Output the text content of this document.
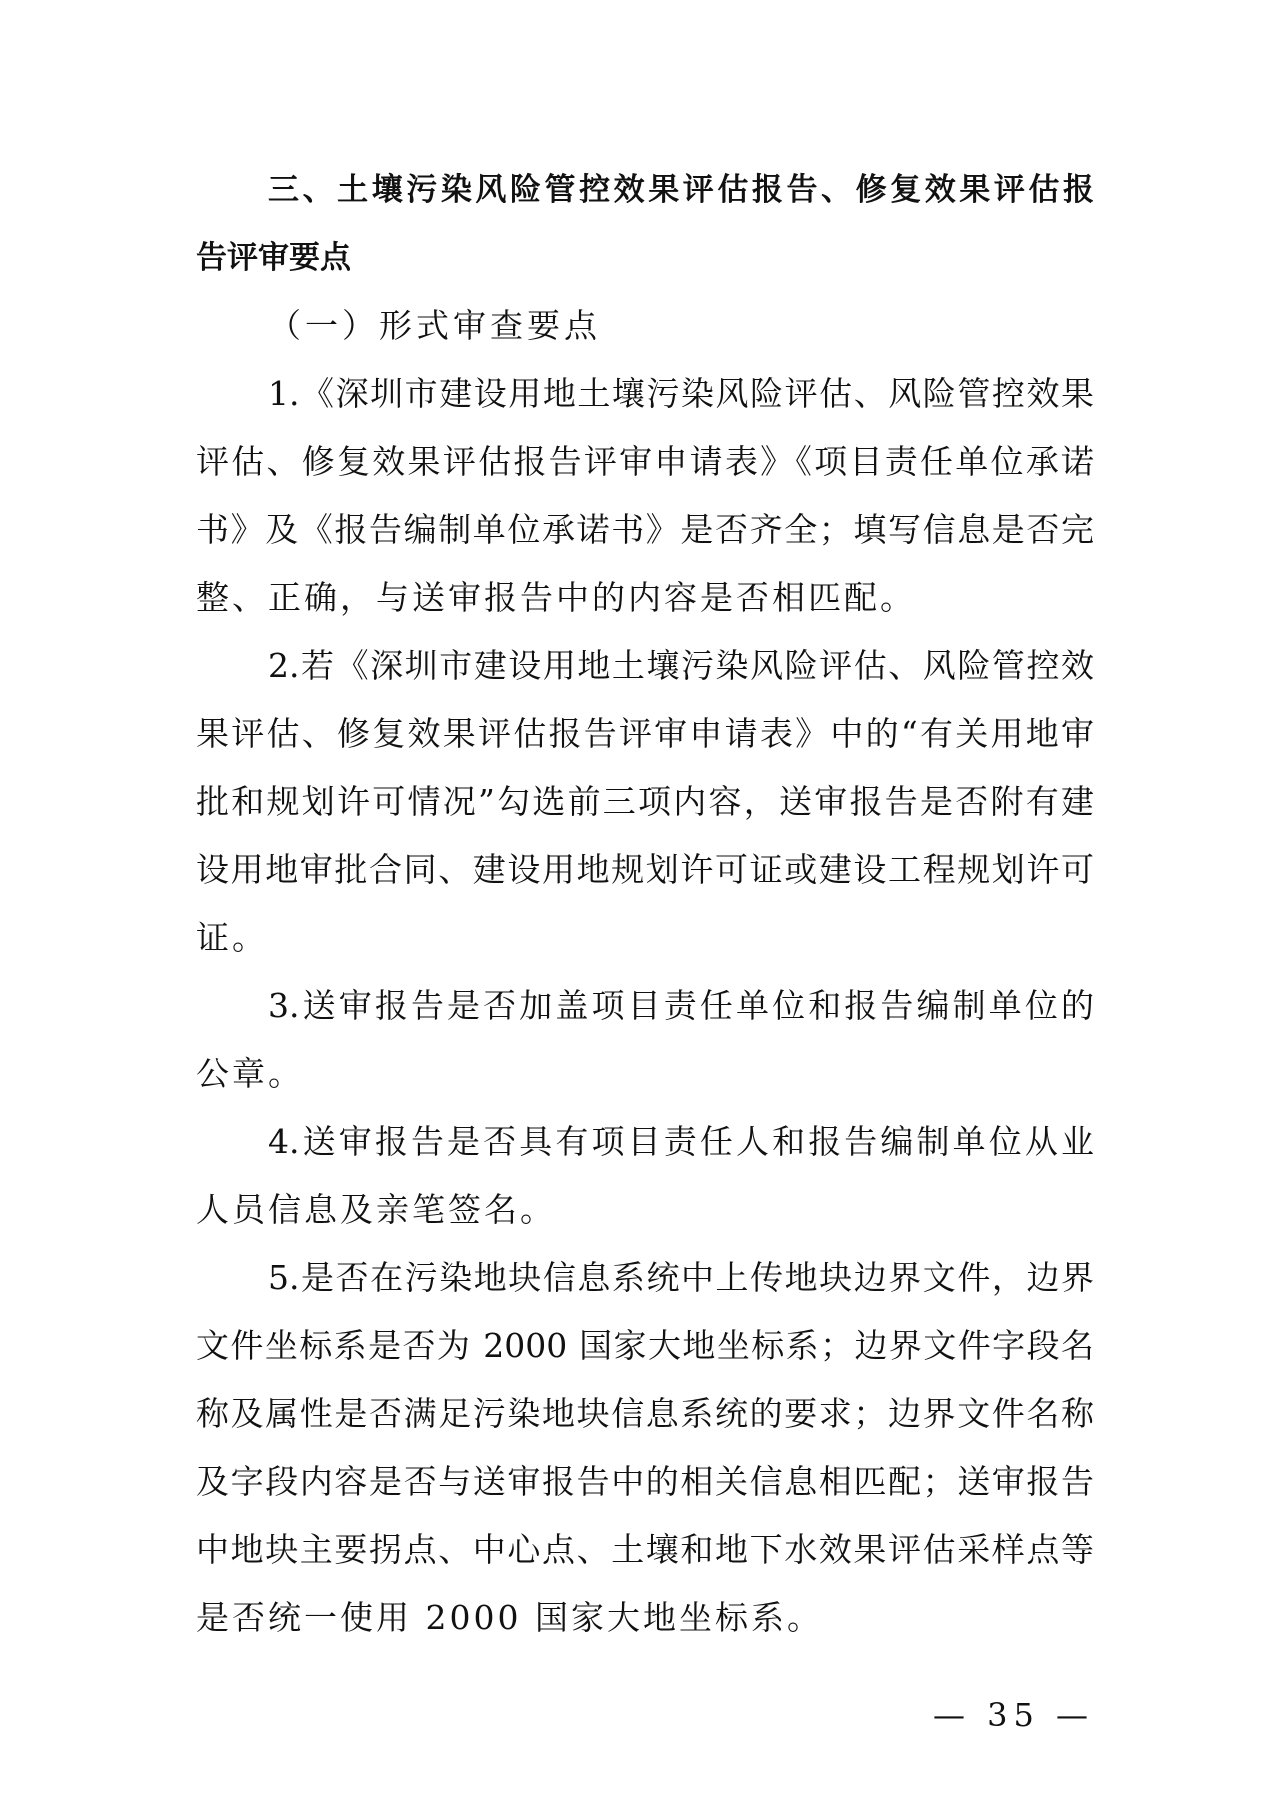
三、土壤污染风险管控效果评估报告、修复效果评估报
告评审要点
（一）形式审查要点
1.《深圳市建设用地土壤污染风险评估、风险管控效果
评估、修复效果评估报告评审申请表》《项目责任单位承诺
书》及《报告编制单位承诺书》是否齐全；填写信息是否完
整、正确，与送审报告中的内容是否相匹配。
2.若《深圳市建设用地土壤污染风险评估、风险管控效
果评估、修复效果评估报告评审申请表》中的“有关用地审
批和规划许可情况”勾选前三项内容，送审报告是否附有建
设用地审批合同、建设用地规划许可证或建设工程规划许可
证。
3.送审报告是否加盖项目责任单位和报告编制单位的
公章。
4.送审报告是否具有项目责任人和报告编制单位从业
人员信息及亲笔签名。
5.是否在污染地块信息系统中上传地块边界文件，边界
文件坐标系是否为 2000 国家大地坐标系；边界文件字段名
称及属性是否满足污染地块信息系统的要求；边界文件名称
及字段内容是否与送审报告中的相关信息相匹配；送审报告
中地块主要拐点、中心点、土壤和地下水效果评估采样点等
是否统一使用 2000 国家大地坐标系。
— 35 —
